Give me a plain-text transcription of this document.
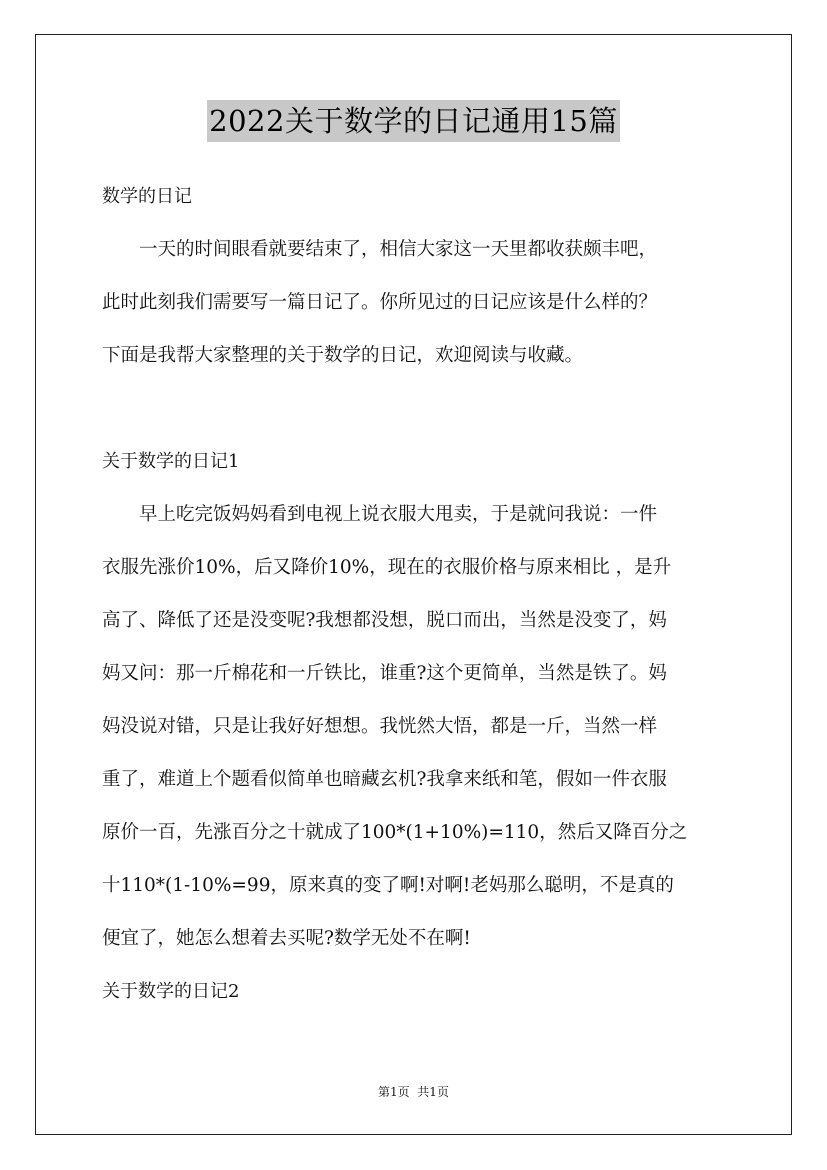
2022关于数学的日记通用15篇

数学的日记

一天的时间眼看就要结束了，相信大家这一天里都收获颇丰吧，
此时此刻我们需要写一篇日记了。你所见过的日记应该是什么样的？
下面是我帮大家整理的关于数学的日记，欢迎阅读与收藏。

关于数学的日记1

早上吃完饭妈妈看到电视上说衣服大甩卖，于是就问我说：一件
衣服先涨价10%，后又降价10%，现在的衣服价格与原来相比 ，是升
高了、降低了还是没变呢?我想都没想，脱口而出，当然是没变了，妈
妈又问：那一斤棉花和一斤铁比，谁重?这个更简单，当然是铁了。妈
妈没说对错，只是让我好好想想。我恍然大悟，都是一斤，当然一样
重了，难道上个题看似简单也暗藏玄机?我拿来纸和笔，假如一件衣服
原价一百，先涨百分之十就成了100*(1+10%)=110，然后又降百分之
十110*(1-10%=99，原来真的变了啊!对啊!老妈那么聪明，不是真的
便宜了，她怎么想着去买呢?数学无处不在啊!

关于数学的日记2

第1页  共1页
